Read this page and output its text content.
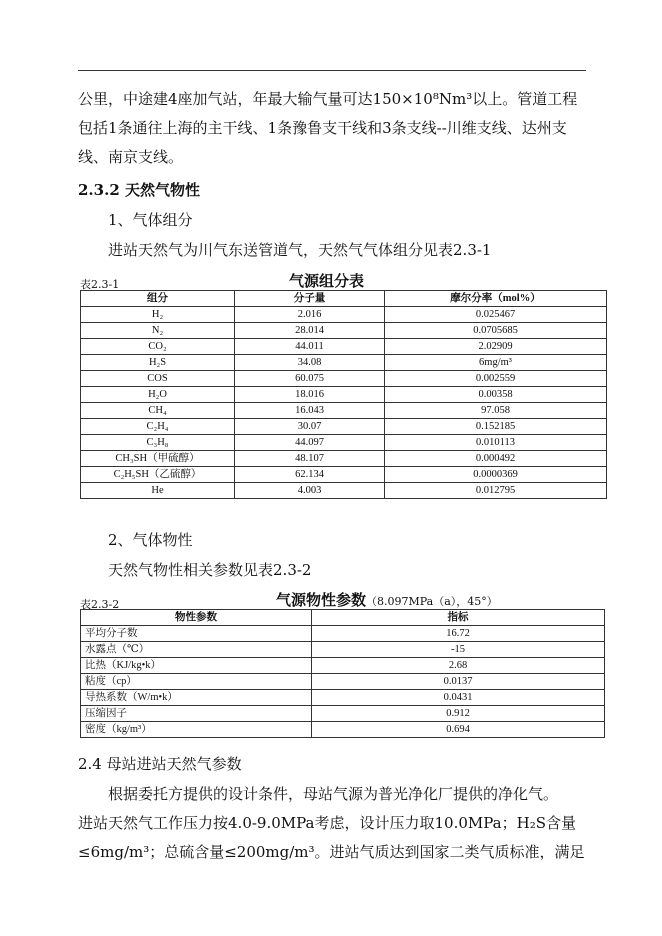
公里，中途建4座加气站，年最大输气量可达150×10⁸Nm³以上。管道工程
包括1条通往上海的主干线、1条豫鲁支干线和3条支线--川维支线、达州支
线、南京支线。
2.3.2 天然气物性
1、气体组分
进站天然气为川气东送管道气，天然气气体组分见表2.3-1
表2.3-1	气源组分表
组分	分子量	摩尔分率（mol%）
H₂	2.016	0.025467
N₂	28.014	0.0705685
CO₂	44.011	2.02909
H₂S	34.08	6mg/m³
COS	60.075	0.002559
H₂O	18.016	0.00358
CH₄	16.043	97.058
C₂H₄	30.07	0.152185
C₃H₈	44.097	0.010113
CH₃SH（甲硫醇）	48.107	0.000492
C₂H₅SH（乙硫醇）	62.134	0.0000369
He	4.003	0.012795
2、气体物性
天然气物性相关参数见表2.3-2
表2.3-2	气源物性参数（8.097MPa（a），45°）
物性参数	指标
平均分子数	16.72
水露点（℃）	-15
比热（KJ/kg•k）	2.68
粘度（cp）	0.0137
导热系数（W/m•k）	0.0431
压缩因子	0.912
密度（kg/m³）	0.694
2.4 母站进站天然气参数
根据委托方提供的设计条件，母站气源为普光净化厂提供的净化气。
进站天然气工作压力按4.0-9.0MPa考虑，设计压力取10.0MPa；H₂S含量
≤6mg/m³；总硫含量≤200mg/m³。进站气质达到国家二类气质标准，满足
